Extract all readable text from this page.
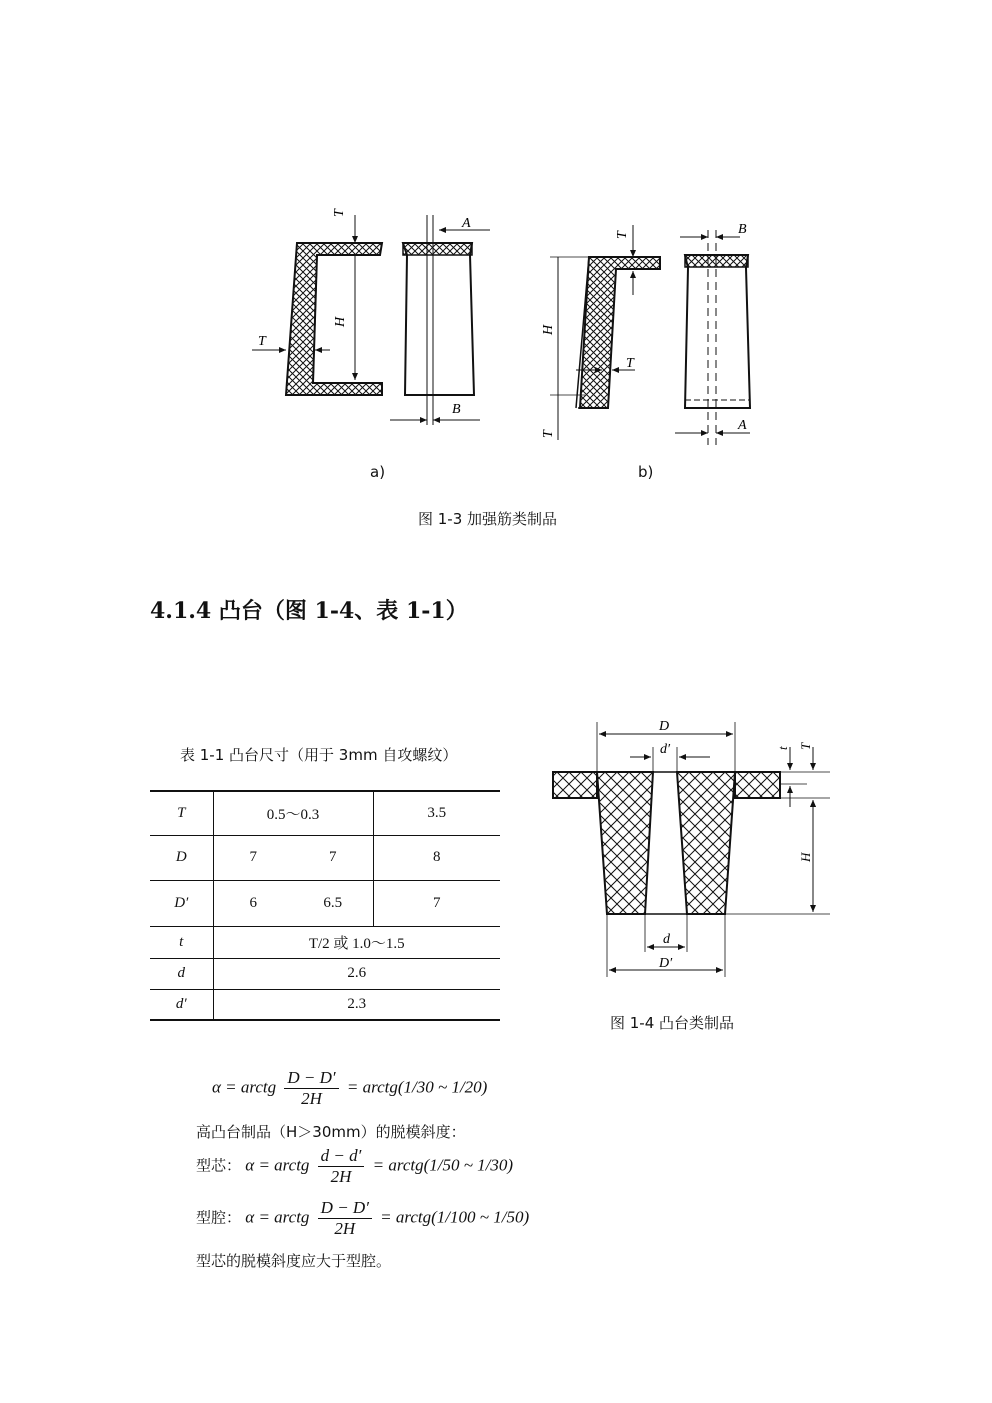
T
H
T
A
B
T
H
T
T
B
A
a)	b)
图 1-3 加强筋类制品
4.1.4 凸台（图 1-4、表 1-1）
表 1-1 凸台尺寸（用于 3mm 自攻螺纹）
T	0.5～0.3		3.5
D	7	7	8
D′	6	6.5	7
t	T/2 或 1.0～1.5		
d	2.6		
d′	2.3		
D
d′	t T
H
d
D′
图 1-4 凸台类制品
α = arctg $\frac{D - D'}{2H}$ = arctg(1/30 ~ 1/20)
高凸台制品（H＞30mm）的脱模斜度：
型芯： α = arctg $\frac{d - d'}{2H}$ = arctg(1/50 ~ 1/30)
型腔： α = arctg $\frac{D - D'}{2H}$ = arctg(1/100 ~ 1/50)
型芯的脱模斜度应大于型腔。
